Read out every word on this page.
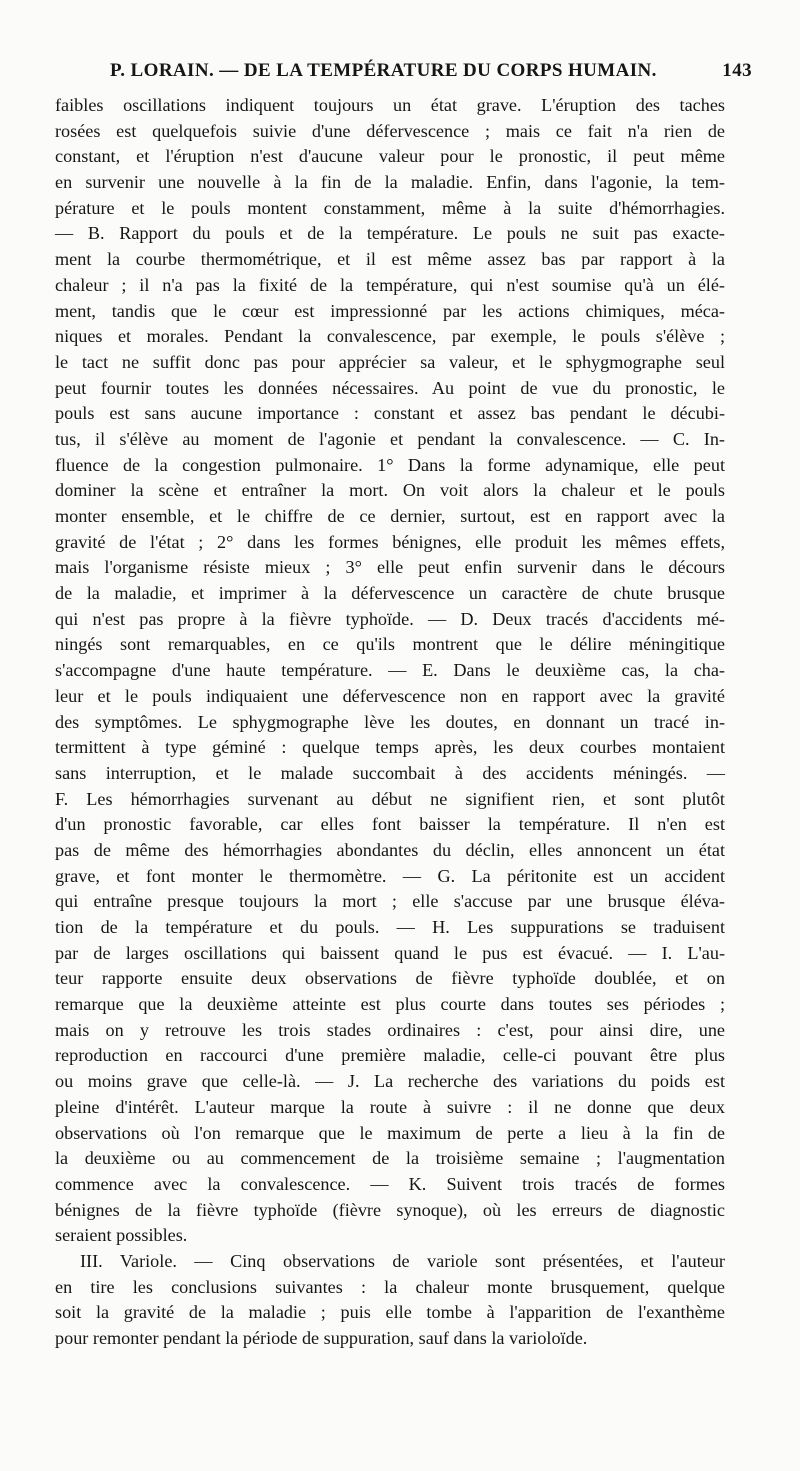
P. LORAIN. — DE LA TEMPÉRATURE DU CORPS HUMAIN.	143
faibles oscillations indiquent toujours un état grave. L'éruption des taches
rosées est quelquefois suivie d'une défervescence ; mais ce fait n'a rien de
constant, et l'éruption n'est d'aucune valeur pour le pronostic, il peut même
en survenir une nouvelle à la fin de la maladie. Enfin, dans l'agonie, la tem-
pérature et le pouls montent constamment, même à la suite d'hémorrhagies.
— B. Rapport du pouls et de la température. Le pouls ne suit pas exacte-
ment la courbe thermométrique, et il est même assez bas par rapport à la
chaleur ; il n'a pas la fixité de la température, qui n'est soumise qu'à un élé-
ment, tandis que le cœur est impressionné par les actions chimiques, méca-
niques et morales. Pendant la convalescence, par exemple, le pouls s'élève ;
le tact ne suffit donc pas pour apprécier sa valeur, et le sphygmographe seul
peut fournir toutes les données nécessaires. Au point de vue du pronostic, le
pouls est sans aucune importance : constant et assez bas pendant le décubi-
tus, il s'élève au moment de l'agonie et pendant la convalescence. — C. In-
fluence de la congestion pulmonaire. 1° Dans la forme adynamique, elle peut
dominer la scène et entraîner la mort. On voit alors la chaleur et le pouls
monter ensemble, et le chiffre de ce dernier, surtout, est en rapport avec la
gravité de l'état ; 2° dans les formes bénignes, elle produit les mêmes effets,
mais l'organisme résiste mieux ; 3° elle peut enfin survenir dans le décours
de la maladie, et imprimer à la défervescence un caractère de chute brusque
qui n'est pas propre à la fièvre typhoïde. — D. Deux tracés d'accidents mé-
ningés sont remarquables, en ce qu'ils montrent que le délire méningitique
s'accompagne d'une haute température. — E. Dans le deuxième cas, la cha-
leur et le pouls indiquaient une défervescence non en rapport avec la gravité
des symptômes. Le sphygmographe lève les doutes, en donnant un tracé in-
termittent à type géminé : quelque temps après, les deux courbes montaient
sans interruption, et le malade succombait à des accidents méningés. —
F. Les hémorrhagies survenant au début ne signifient rien, et sont plutôt
d'un pronostic favorable, car elles font baisser la température. Il n'en est
pas de même des hémorrhagies abondantes du déclin, elles annoncent un état
grave, et font monter le thermomètre. — G. La péritonite est un accident
qui entraîne presque toujours la mort ; elle s'accuse par une brusque éléva-
tion de la température et du pouls. — H. Les suppurations se traduisent
par de larges oscillations qui baissent quand le pus est évacué. — I. L'au-
teur rapporte ensuite deux observations de fièvre typhoïde doublée, et on
remarque que la deuxième atteinte est plus courte dans toutes ses périodes ;
mais on y retrouve les trois stades ordinaires : c'est, pour ainsi dire, une
reproduction en raccourci d'une première maladie, celle-ci pouvant être plus
ou moins grave que celle-là. — J. La recherche des variations du poids est
pleine d'intérêt. L'auteur marque la route à suivre : il ne donne que deux
observations où l'on remarque que le maximum de perte a lieu à la fin de
la deuxième ou au commencement de la troisième semaine ; l'augmentation
commence avec la convalescence. — K. Suivent trois tracés de formes
bénignes de la fièvre typhoïde (fièvre synoque), où les erreurs de diagnostic
seraient possibles.
III. Variole. — Cinq observations de variole sont présentées, et l'auteur
en tire les conclusions suivantes : la chaleur monte brusquement, quelque
soit la gravité de la maladie ; puis elle tombe à l'apparition de l'exanthème
pour remonter pendant la période de suppuration, sauf dans la varioloïde.
